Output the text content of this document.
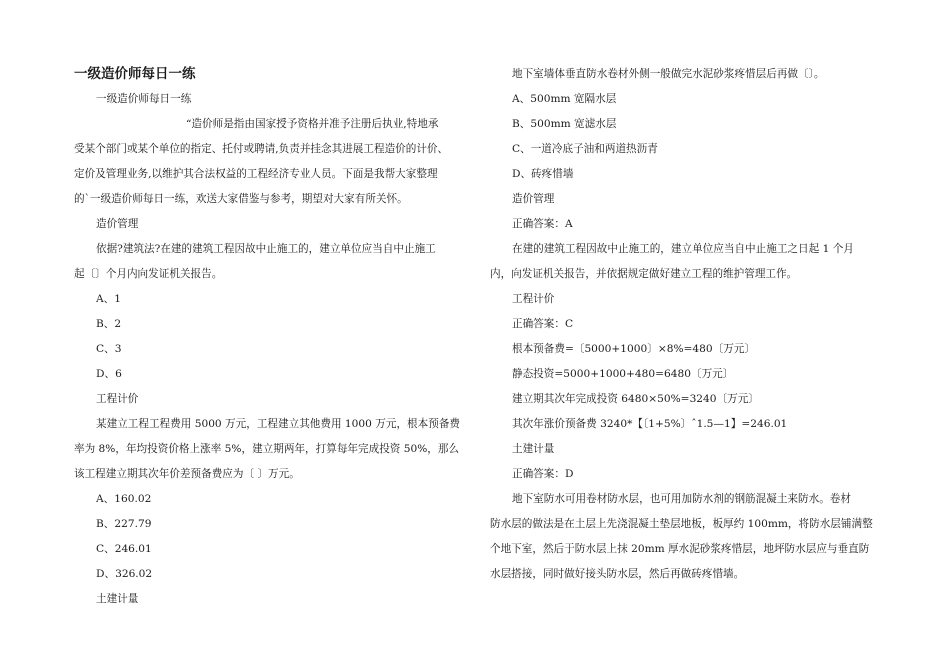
一级造价师每日一练
一级造价师每日一练
“造价师是指由国家授予资格并准予注册后执业,特地承
受某个部门或某个单位的指定、托付或聘请,负责并挂念其进展工程造价的计价、
定价及管理业务,以维护其合法权益的工程经济专业人员。下面是我帮大家整理
的`一级造价师每日一练，欢送大家借鉴与参考，期望对大家有所关怀。
造价管理
依据?建筑法?在建的建筑工程因故中止施工的，建立单位应当自中止施工
起〔〕个月内向发证机关报告。
A、1
B、2
C、3
D、6
工程计价
某建立工程工程费用 5000 万元，工程建立其他费用 1000 万元，根本预备费
率为 8%，年均投资价格上涨率 5%，建立期两年，打算每年完成投资 50%，那么
该工程建立期其次年价差预备费应为〔 〕万元。
A、160.02
B、227.79
C、246.01
D、326.02
土建计量
地下室墙体垂直防水卷材外侧一般做完水泥砂浆疼惜层后再做〔〕。
A、500mm 宽隔水层
B、500mm 宽滤水层
C、一道冷底子油和两道热沥青
D、砖疼惜墙
造价管理
正确答案：A
在建的建筑工程因故中止施工的，建立单位应当自中止施工之日起 1 个月
内，向发证机关报告，并依据规定做好建立工程的维护管理工作。
工程计价
正确答案：C
根本预备费=〔5000+1000〕×8%=480〔万元〕
静态投资=5000+1000+480=6480〔万元〕
建立期其次年完成投资 6480×50%=3240〔万元〕
其次年涨价预备费 3240*【〔1+5%〕ˆ1.5—1】=246.01
土建计量
正确答案：D
地下室防水可用卷材防水层，也可用加防水剂的钢筋混凝土来防水。卷材
防水层的做法是在土层上先浇混凝土垫层地板，板厚约 100mm，将防水层铺满整
个地下室，然后于防水层上抹 20mm 厚水泥砂浆疼惜层，地坪防水层应与垂直防
水层搭接，同时做好接头防水层，然后再做砖疼惜墙。
